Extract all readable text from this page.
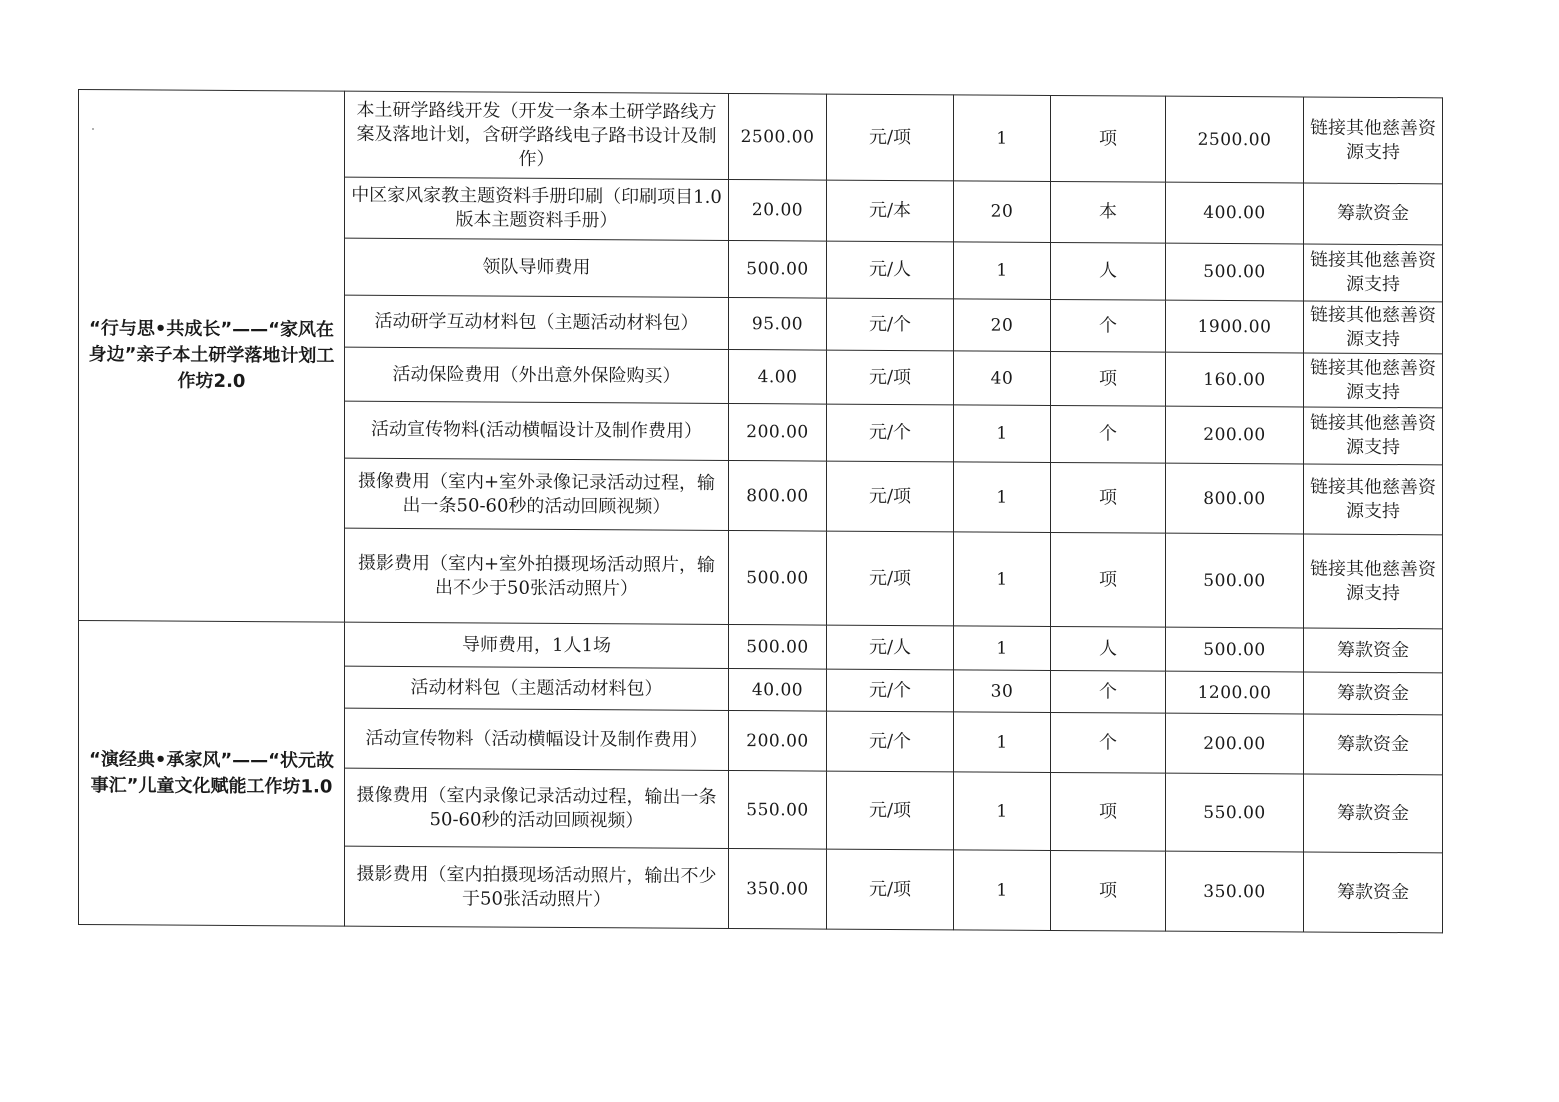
“行与思•共成长”——“家风在身边”亲子本土研学落地计划工作坊2.0	本土研学路线开发（开发一条本土研学路线方案及落地计划，含研学路线电子路书设计及制作）	2500.00	元/项	1	项	2500.00	链接其他慈善资源支持
	中区家风家教主题资料手册印刷（印刷项目1.0版本主题资料手册）	20.00	元/本	20	本	400.00	筹款资金
	领队导师费用	500.00	元/人	1	人	500.00	链接其他慈善资源支持
	活动研学互动材料包（主题活动材料包）	95.00	元/个	20	个	1900.00	链接其他慈善资源支持
	活动保险费用（外出意外保险购买）	4.00	元/项	40	项	160.00	链接其他慈善资源支持
	活动宣传物料(活动横幅设计及制作费用）	200.00	元/个	1	个	200.00	链接其他慈善资源支持
	摄像费用（室内+室外录像记录活动过程，输出一条50-60秒的活动回顾视频）	800.00	元/项	1	项	800.00	链接其他慈善资源支持
	摄影费用（室内+室外拍摄现场活动照片，输出不少于50张活动照片）	500.00	元/项	1	项	500.00	链接其他慈善资源支持
“演经典•承家风”——“状元故事汇”儿童文化赋能工作坊1.0	导师费用，1人1场	500.00	元/人	1	人	500.00	筹款资金
	活动材料包（主题活动材料包）	40.00	元/个	30	个	1200.00	筹款资金
	活动宣传物料（活动横幅设计及制作费用）	200.00	元/个	1	个	200.00	筹款资金
	摄像费用（室内录像记录活动过程，输出一条50-60秒的活动回顾视频）	550.00	元/项	1	项	550.00	筹款资金
	摄影费用（室内拍摄现场活动照片，输出不少于50张活动照片）	350.00	元/项	1	项	350.00	筹款资金
